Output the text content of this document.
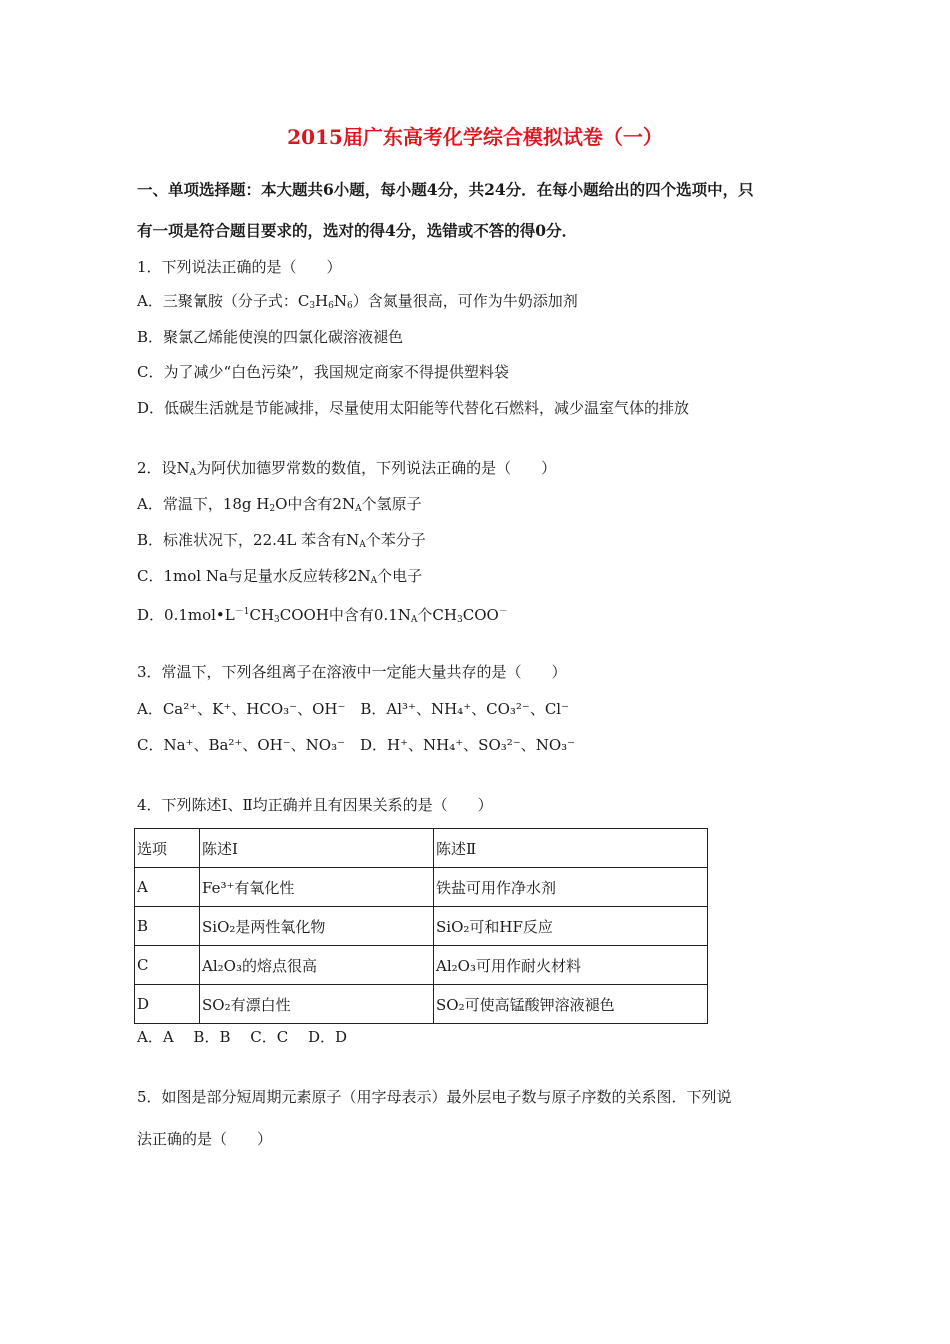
2015届广东高考化学综合模拟试卷（一）
一、单项选择题：本大题共6小题，每小题4分，共24分．在每小题给出的四个选项中，只
有一项是符合题目要求的，选对的得4分，选错或不答的得0分．
1．下列说法正确的是（　　）
A．三聚氰胺（分子式：$C_3H_6N_6$）含氮量很高，可作为牛奶添加剂
B．聚氯乙烯能使溴的四氯化碳溶液褪色
C．为了减少“白色污染”，我国规定商家不得提供塑料袋
D．低碳生活就是节能减排，尽量使用太阳能等代替化石燃料，减少温室气体的排放
2．设$N_A$为阿伏加德罗常数的数值，下列说法正确的是（　　）
A．常温下，18g $H_2O$中含有$2N_A$个氢原子
B．标准状况下，22.4L 苯含有$N_A$个苯分子
C．1mol Na与足量水反应转移$2N_A$个电子
D．$0.1mol•L^{-1}CH_3COOH$中含有$0.1N_A$个$CH_3COO^-$
3．常温下，下列各组离子在溶液中一定能大量共存的是（　　）
A．Ca²⁺、K⁺、HCO₃⁻、OH⁻　B．Al³⁺、NH₄⁺、CO₃²⁻、Cl⁻
C．Na⁺、Ba²⁺、OH⁻、NO₃⁻　D．H⁺、NH₄⁺、SO₃²⁻、NO₃⁻
4．下列陈述Ⅰ、Ⅱ均正确并且有因果关系的是（　　）
选项	陈述Ⅰ	陈述Ⅱ
A	Fe³⁺有氧化性	铁盐可用作净水剂
B	SiO₂是两性氧化物	SiO₂可和HF反应
C	Al₂O₃的熔点很高	Al₂O₃可用作耐火材料
D	SO₂有漂白性	SO₂可使高锰酸钾溶液褪色
A．A　 B．B　 C．C　 D．D
5．如图是部分短周期元素原子（用字母表示）最外层电子数与原子序数的关系图．下列说
法正确的是（　　）
